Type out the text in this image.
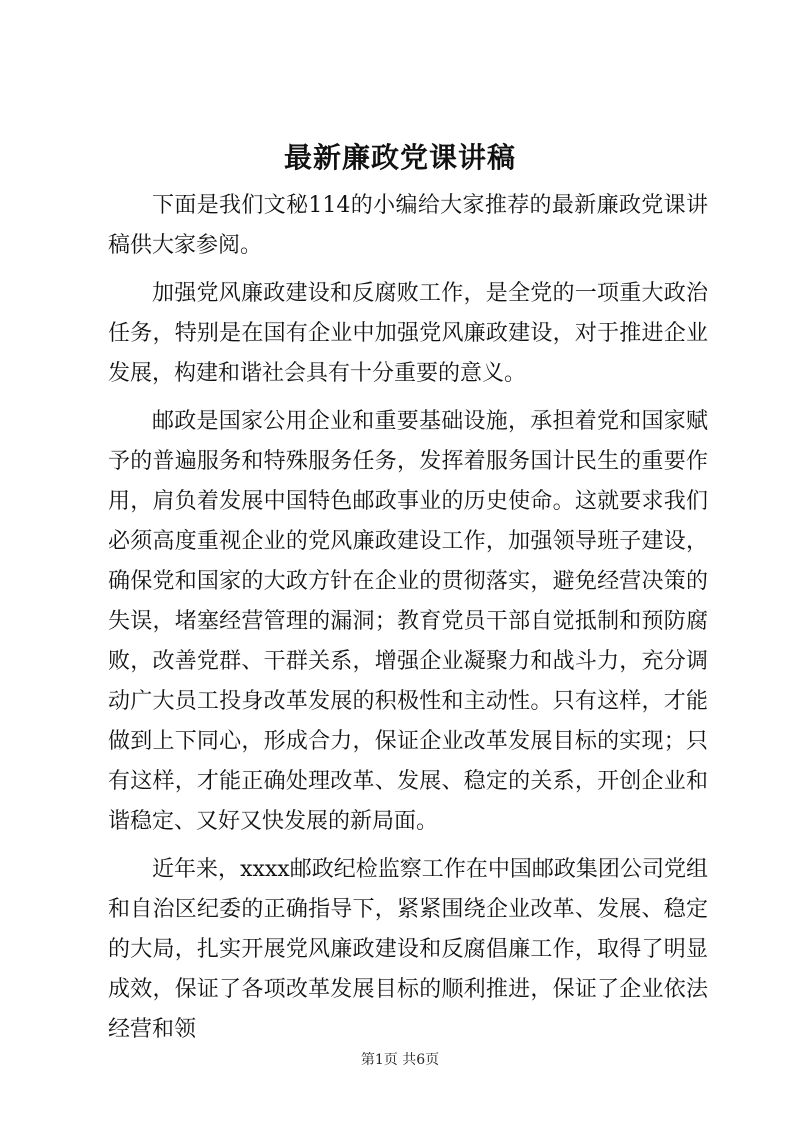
最新廉政党课讲稿

下面是我们文秘114的小编给大家推荐的最新廉政党课讲稿供大家参阅。

加强党风廉政建设和反腐败工作，是全党的一项重大政治任务，特别是在国有企业中加强党风廉政建设，对于推进企业发展，构建和谐社会具有十分重要的意义。

邮政是国家公用企业和重要基础设施，承担着党和国家赋予的普遍服务和特殊服务任务，发挥着服务国计民生的重要作用，肩负着发展中国特色邮政事业的历史使命。这就要求我们必须高度重视企业的党风廉政建设工作，加强领导班子建设，确保党和国家的大政方针在企业的贯彻落实，避免经营决策的失误，堵塞经营管理的漏洞；教育党员干部自觉抵制和预防腐败，改善党群、干群关系，增强企业凝聚力和战斗力，充分调动广大员工投身改革发展的积极性和主动性。只有这样，才能做到上下同心，形成合力，保证企业改革发展目标的实现；只有这样，才能正确处理改革、发展、稳定的关系，开创企业和谐稳定、又好又快发展的新局面。

近年来，xxxx邮政纪检监察工作在中国邮政集团公司党组和自治区纪委的正确指导下，紧紧围绕企业改革、发展、稳定的大局，扎实开展党风廉政建设和反腐倡廉工作，取得了明显成效，保证了各项改革发展目标的顺利推进，保证了企业依法经营和领

第1页 共6页
